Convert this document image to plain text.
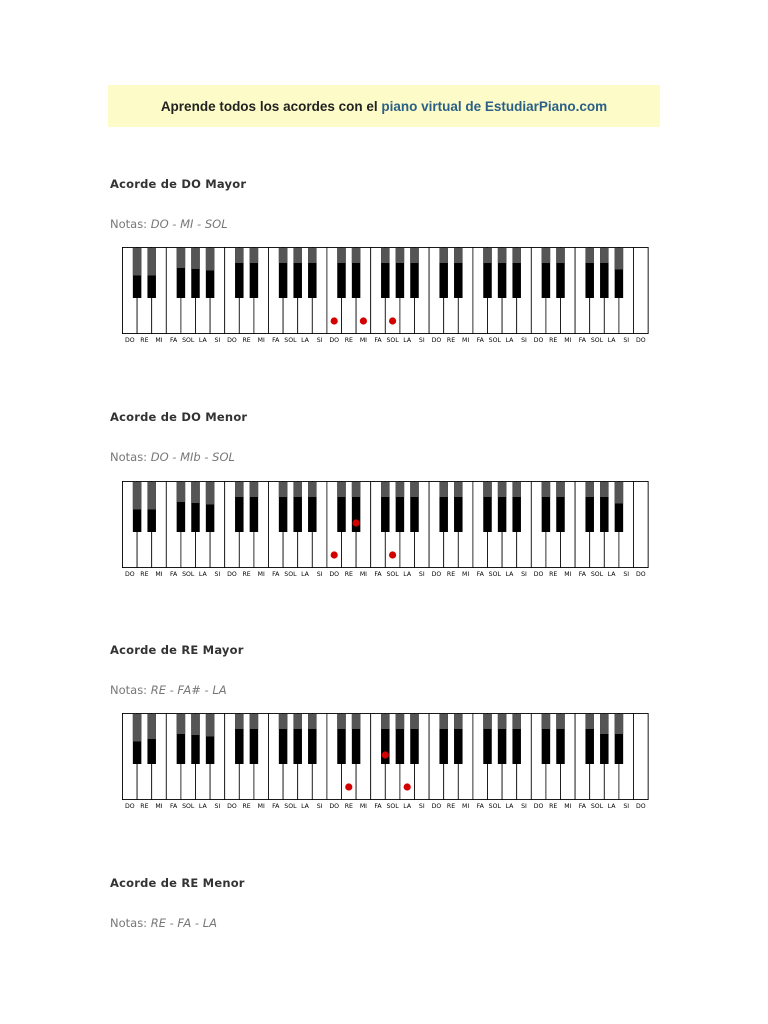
Aprende todos los acordes con el piano virtual de EstudiarPiano.com
Acorde de DO Mayor
Notas: DO - MI - SOL
DO RE MI FA SOL LA SI DO RE MI FA SOL LA SI DO RE MI FA SOL LA SI DO RE MI FA SOL LA SI DO RE MI FA SOL LA SI DO
Acorde de DO Menor
Notas: DO - MIb - SOL
DO RE MI FA SOL LA SI DO RE MI FA SOL LA SI DO RE MI FA SOL LA SI DO RE MI FA SOL LA SI DO RE MI FA SOL LA SI DO
Acorde de RE Mayor
Notas: RE - FA# - LA
DO RE MI FA SOL LA SI DO RE MI FA SOL LA SI DO RE MI FA SOL LA SI DO RE MI FA SOL LA SI DO RE MI FA SOL LA SI DO
Acorde de RE Menor
Notas: RE - FA - LA
